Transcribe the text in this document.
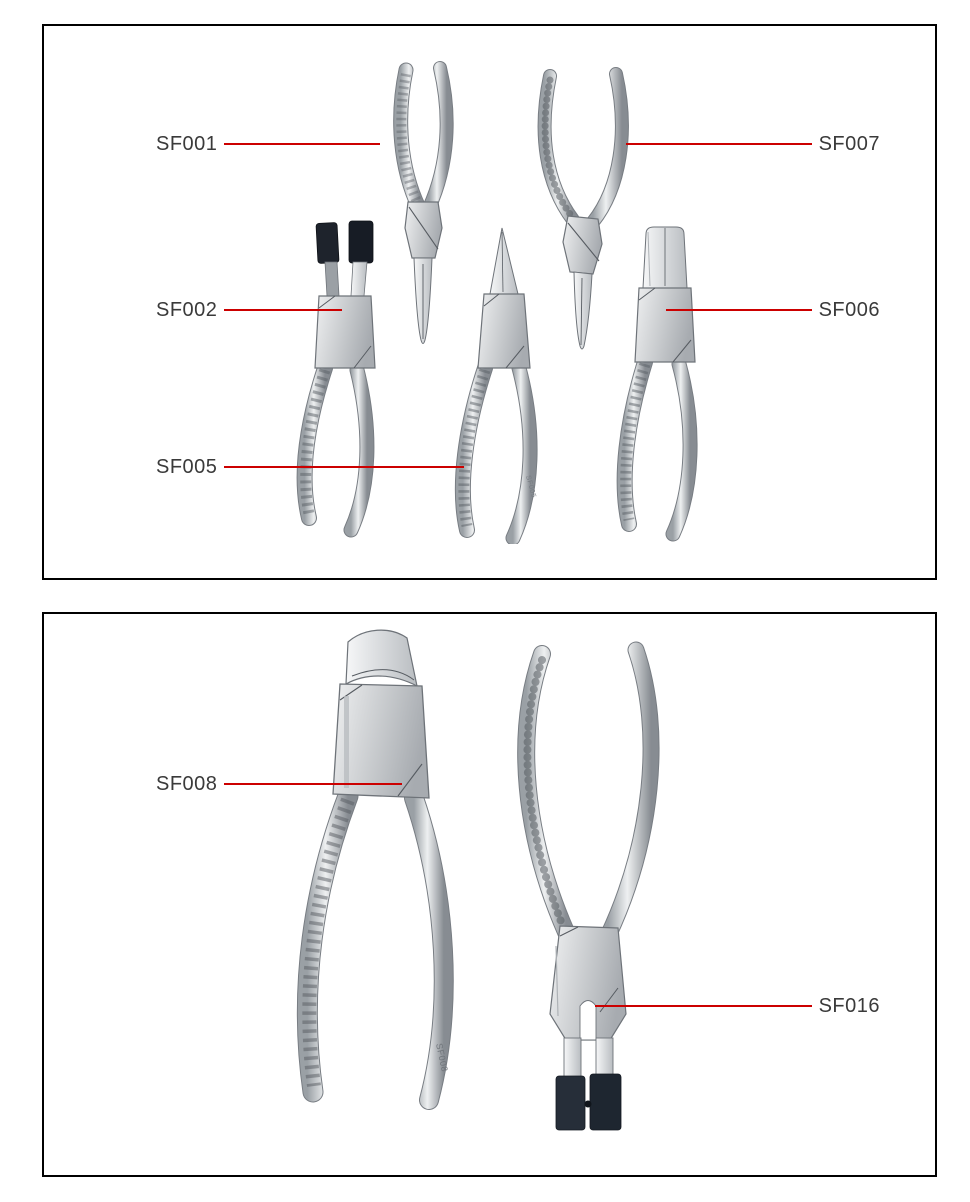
SF005
SF001	SF007
SF002	SF006
SF005
SF008
SF008
SF016
